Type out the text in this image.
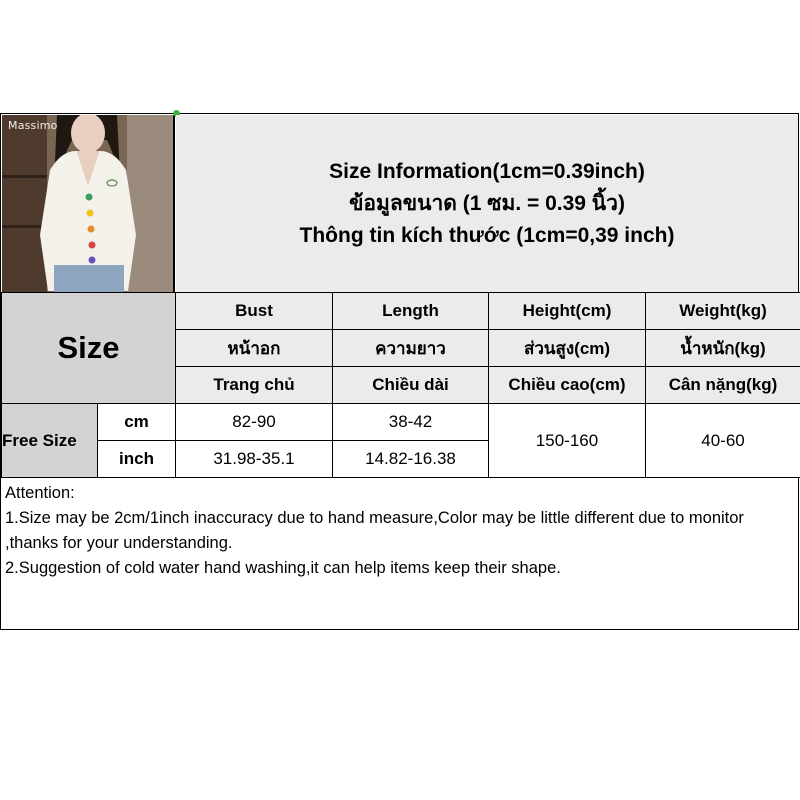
Massimo
Size Information(1cm=0.39inch)
ข้อมูลขนาด (1 ซม. = 0.39 นิ้ว)
Thông tin kích thước (1cm=0,39 inch)
Size		Bust	Length	Height(cm)	Weight(kg)
		หน้าอก	ความยาว	ส่วนสูง(cm)	น้ำหนัก(kg)
		Trang chủ	Chiều dài	Chiều cao(cm)	Cân nặng(kg)
Free Size	cm	82-90	38-42	150-160	40-60
	inch	31.98-35.1	14.82-16.38		
Attention:
1.Size may be 2cm/1inch inaccuracy due to hand measure,Color may be little different due to monitor ,thanks for your understanding.
2.Suggestion of cold water hand washing,it can help items keep their shape.
